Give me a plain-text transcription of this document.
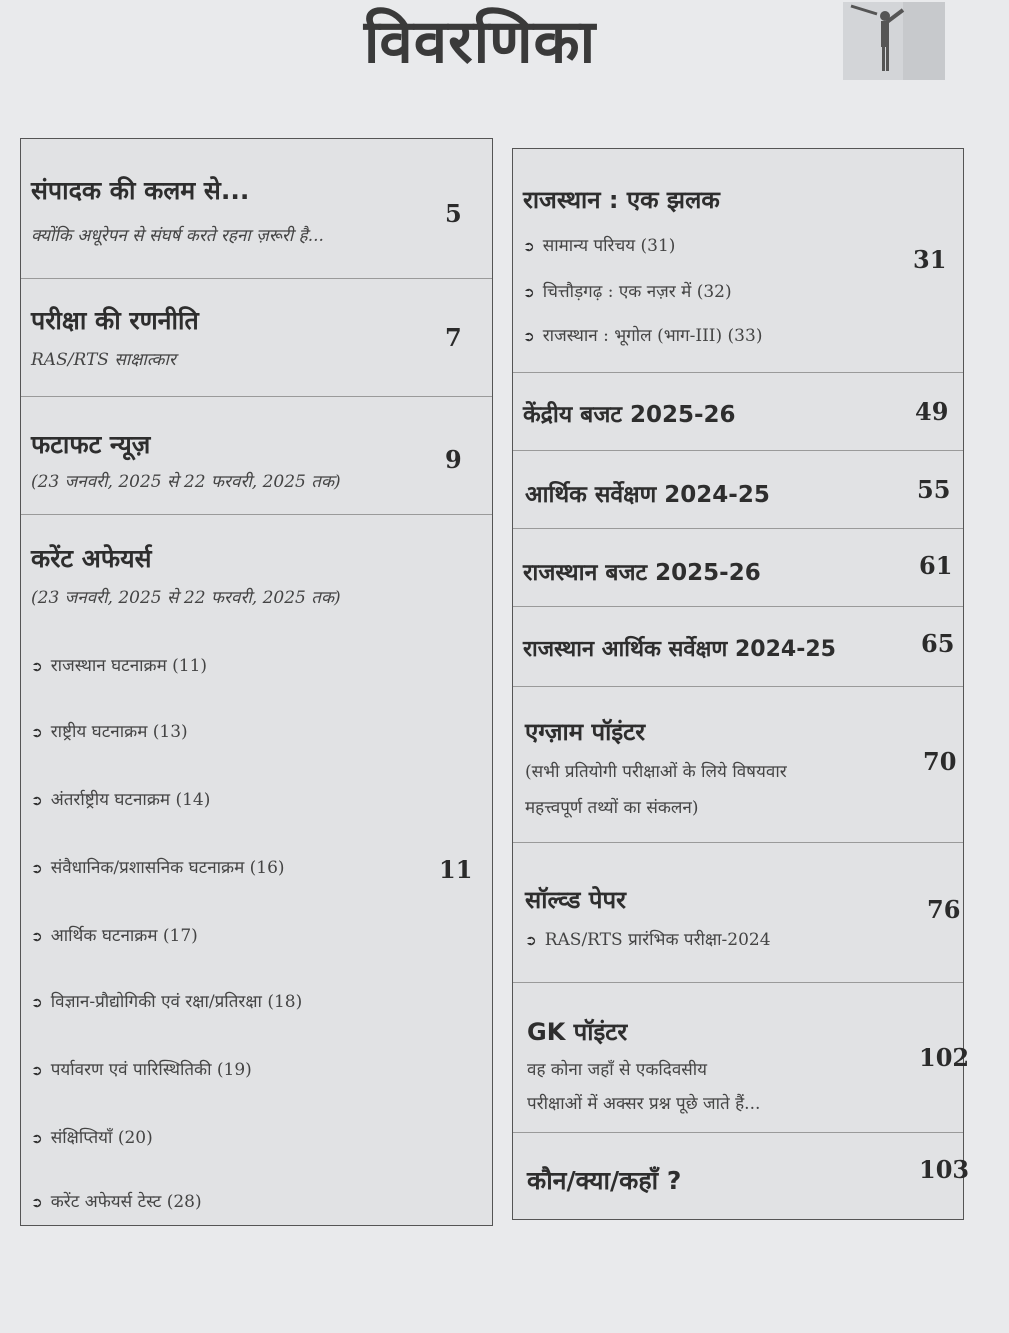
विवरणिका
संपादक की कलम से...
क्योंकि अधूरेपन से संघर्ष करते रहना ज़रूरी है...
5
परीक्षा की रणनीति
RAS/RTS साक्षात्कार
7
फटाफट न्यूज़
(23 जनवरी, 2025 से 22 फरवरी, 2025 तक)
9
करेंट अफेयर्स
(23 जनवरी, 2025 से 22 फरवरी, 2025 तक)
11
➲ राजस्थान घटनाक्रम (11)
➲ राष्ट्रीय घटनाक्रम (13)
➲ अंतर्राष्ट्रीय घटनाक्रम (14)
➲ संवैधानिक/प्रशासनिक घटनाक्रम (16)
➲ आर्थिक घटनाक्रम (17)
➲ विज्ञान-प्रौद्योगिकी एवं रक्षा/प्रतिरक्षा (18)
➲ पर्यावरण एवं पारिस्थितिकी (19)
➲ संक्षिप्तियाँ (20)
➲ करेंट अफेयर्स टेस्ट (28)
राजस्थान : एक झलक
31
➲ सामान्य परिचय (31)
➲ चित्तौड़गढ़ : एक नज़र में (32)
➲ राजस्थान : भूगोल (भाग-III) (33)
केंद्रीय बजट 2025-26	49
आर्थिक सर्वेक्षण 2024-25	55
राजस्थान बजट 2025-26	61
राजस्थान आर्थिक सर्वेक्षण 2024-25	65
एग्ज़ाम पॉइंटर
(सभी प्रतियोगी परीक्षाओं के लिये विषयवार
महत्त्वपूर्ण तथ्यों का संकलन)
70
सॉल्व्ड पेपर
➲ RAS/RTS प्रारंभिक परीक्षा-2024
76
GK पॉइंटर
वह कोना जहाँ से एकदिवसीय
परीक्षाओं में अक्सर प्रश्न पूछे जाते हैं...
102
कौन/क्या/कहाँ ?	103
